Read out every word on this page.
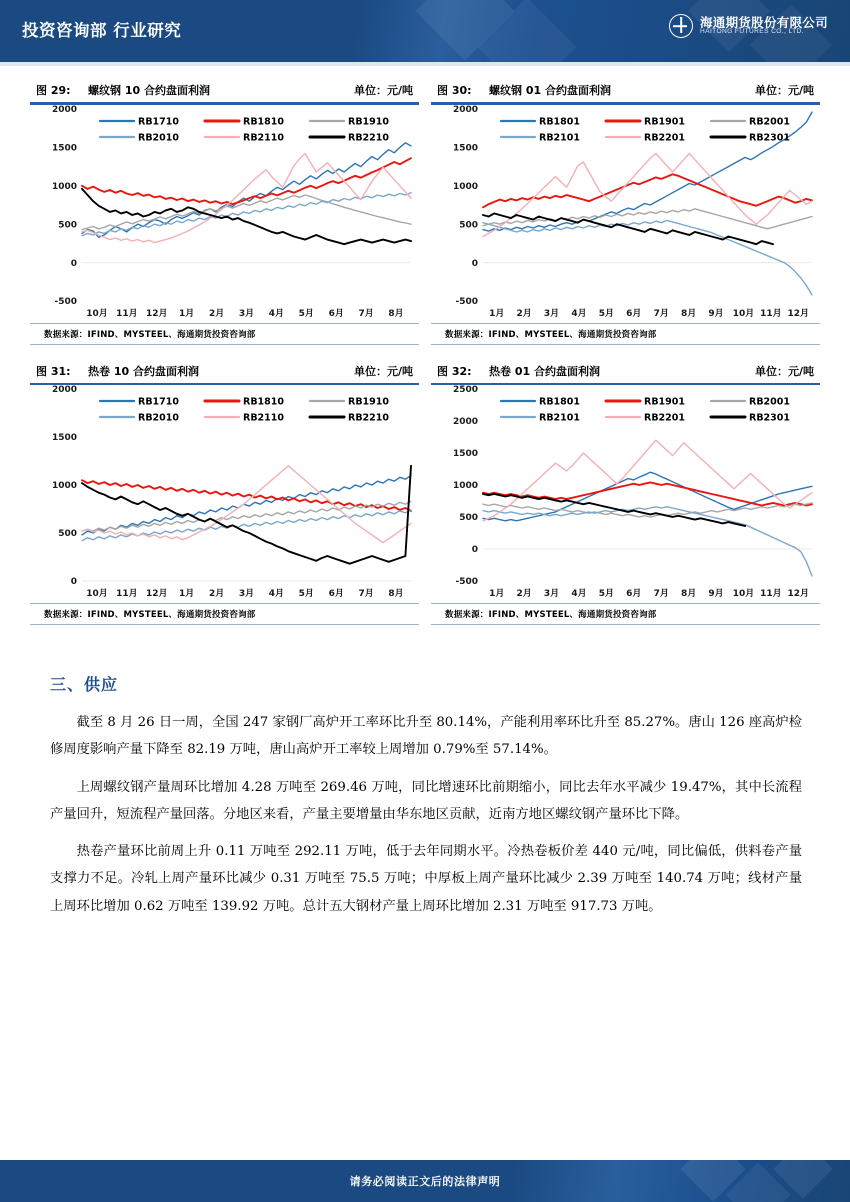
投资咨询部 行业研究	海通期货股份有限公司
HAITONG FUTURES CO., LTD.
图 29:	螺纹钢 10 合约盘面利润	单位：元/吨
2000
1500
1000
500
0
-500
10月 11月 12月 1月 2月 3月 4月 5月 6月 7月 8月
RB1710	RB1810	RB1910
RB2010	RB2110	RB2210
数据来源：IFIND、MYSTEEL、海通期货投资咨询部
图 30:	螺纹钢 01 合约盘面利润	单位：元/吨
2000
1500
1000
500
0
-500
1月 2月 3月 4月 5月 6月 7月 8月 9月 10月 11月 12月
RB1801	RB1901	RB2001
RB2101	RB2201	RB2301
数据来源：IFIND、MYSTEEL、海通期货投资咨询部
图 31:	热卷 10 合约盘面利润	单位：元/吨
2000
1500
1000
500
0
10月 11月 12月 1月 2月 3月 4月 5月 6月 7月 8月
RB1710	RB1810	RB1910
RB2010	RB2110	RB2210
数据来源：IFIND、MYSTEEL、海通期货投资咨询部
图 32:	热卷 01 合约盘面利润	单位：元/吨
2500
2000
1500
1000
500
0
-500
1月 2月 3月 4月 5月 6月 7月 8月 9月 10月 11月 12月
RB1801	RB1901	RB2001
RB2101	RB2201	RB2301
数据来源：IFIND、MYSTEEL、海通期货投资咨询部
三、供应

截至 8 月 26 日一周，全国 247 家钢厂高炉开工率环比升至 80.14%，产能利用率环比升至 85.27%。唐山 126 座高炉检修周度影响产量下降至 82.19 万吨，唐山高炉开工率较上周增加 0.79%至 57.14%。

上周螺纹钢产量周环比增加 4.28 万吨至 269.46 万吨，同比增速环比前期缩小，同比去年水平减少 19.47%，其中长流程产量回升，短流程产量回落。分地区来看，产量主要增量由华东地区贡献，近南方地区螺纹钢产量环比下降。

热卷产量环比前周上升 0.11 万吨至 292.11 万吨，低于去年同期水平。冷热卷板价差 440 元/吨，同比偏低，供料卷产量支撑力不足。冷轧上周产量环比减少 0.31 万吨至 75.5 万吨；中厚板上周产量环比减少 2.39 万吨至 140.74 万吨；线材产量上周环比增加 0.62 万吨至 139.92 万吨。总计五大钢材产量上周环比增加 2.31 万吨至 917.73 万吨。

请务必阅读正文后的法律声明
